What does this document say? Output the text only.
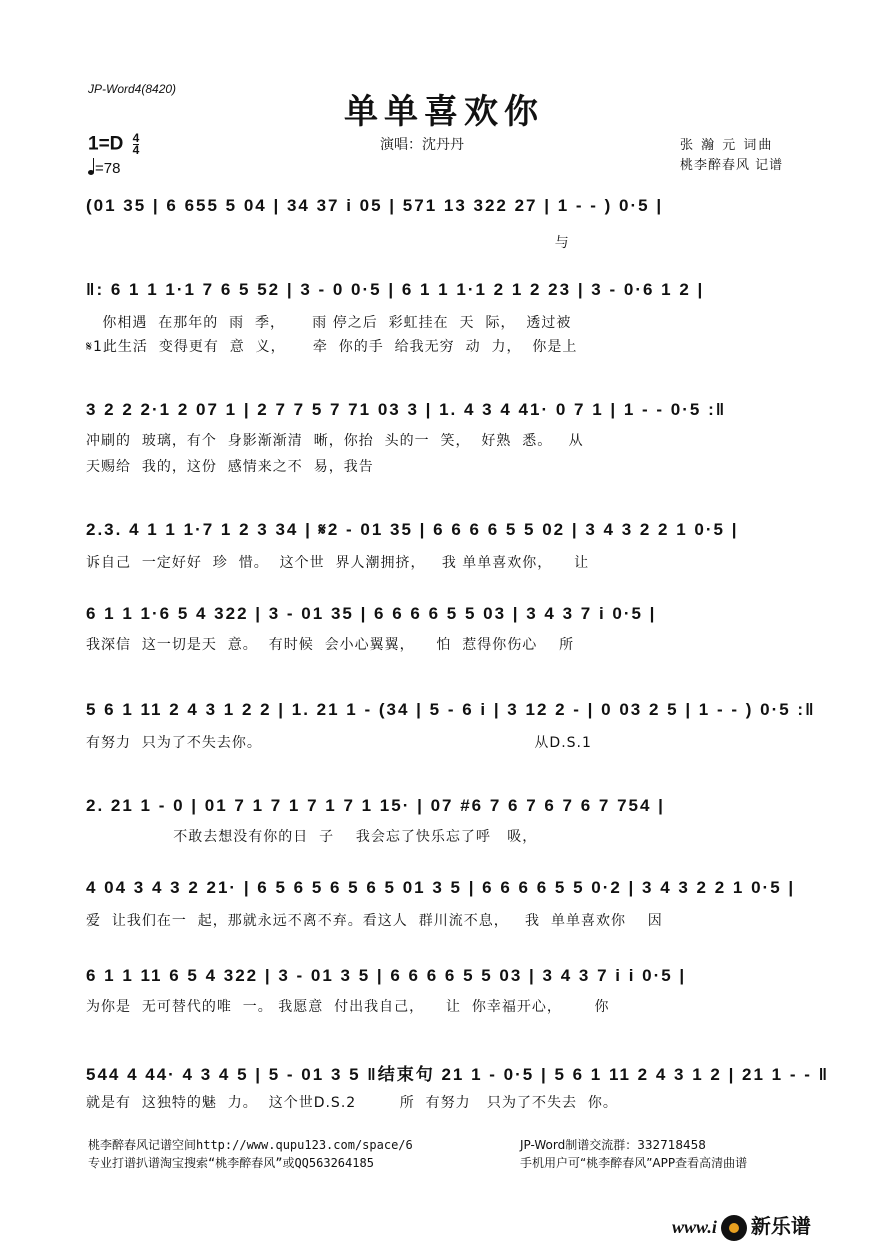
JP-Word4(8420)
单单喜欢你
$1=D \frac{4}{4}$
=78
演唱：沈丹丹	张 瀚 元 词曲
桃李醉春风 记谱
(01 35 | 6 655 5 04 | 34 37 i 05 | 571 13 322 27 | 1 - - ) 0·5 |
与
‖: 6 1 1 1·1 7 6 5 52 | 3 - 0 0·5 | 6 1 1 1·1 2 1 2 23 | 3 - 0·6 1 2 |
你相遇  在那年的  雨  季，     雨 停之后  彩虹挂在  天  际，  透过被
𝄋1此生活  变得更有  意  义，     牵  你的手  给我无穷  动  力，  你是上
3 2 2 2·1 2 07 1 | 2 7 7 5 7 71 03 3 | 1. 4 3 4 41· 0 7 1 | 1 - - 0·5 :‖
冲刷的  玻璃，有个  身影渐渐清  晰，你抬  头的一  笑，  好熟  悉。   从
天赐给  我的，这份  感情来之不  易，我告
2.3. 4 1 1 1·7 1 2 3 34 | 𝄋2 - 01 35 | 6 6 6 6 5 5 02 | 3 4 3 2 2 1 0·5 |
诉自己  一定好好  珍  惜。  这个世  界人潮拥挤，   我 单单喜欢你，    让
6 1 1 1·6 5 4 322 | 3 - 01 35 | 6 6 6 6 5 5 03 | 3 4 3 7 i 0·5 |
我深信  这一切是天  意。  有时候  会小心翼翼，    怕  惹得你伤心    所
5 6 1 11 2 4 3 1 2 2 | 1. 21 1 - (34 | 5 - 6 i | 3 12 2 - | 0 03 2 5 | 1 - - ) 0·5 :‖
有努力  只为了不失去你。                                                  从D.S.1
2. 21 1 - 0 | 01 7 1 7 1 7 1 7 1 15· | 07 #6 7 6 7 6 7 6 7 754 |
不敢去想没有你的日  子    我会忘了快乐忘了呼   吸，
4 04 3 4 3 2 21· | 6 5 6 5 6 5 6 5 01 3 5 | 6 6 6 6 5 5 0·2 | 3 4 3 2 2 1 0·5 |
爱  让我们在一  起，那就永远不离不弃。看这人  群川流不息，   我  单单喜欢你    因
6 1 1 11 6 5 4 322 | 3 - 01 3 5 | 6 6 6 6 5 5 03 | 3 4 3 7 i i 0·5 |
为你是  无可替代的唯  一。 我愿意  付出我自己，    让  你幸福开心，      你
544 4 44· 4 3 4 5 | 5 - 01 3 5 ‖结束句 21 1 - 0·5 | 5 6 1 11 2 4 3 1 2 | 21 1 - - ‖
就是有  这独特的魅  力。  这个世D.S.2        所  有努力   只为了不失去  你。
桃李醉春风记谱空间http://www.qupu123.com/space/6
专业打谱扒谱淘宝搜索“桃李醉春风”或QQ563264185
JP-Word制谱交流群：332718458
手机用户可“桃李醉春风”APP查看高清曲谱
www.i 新乐谱
